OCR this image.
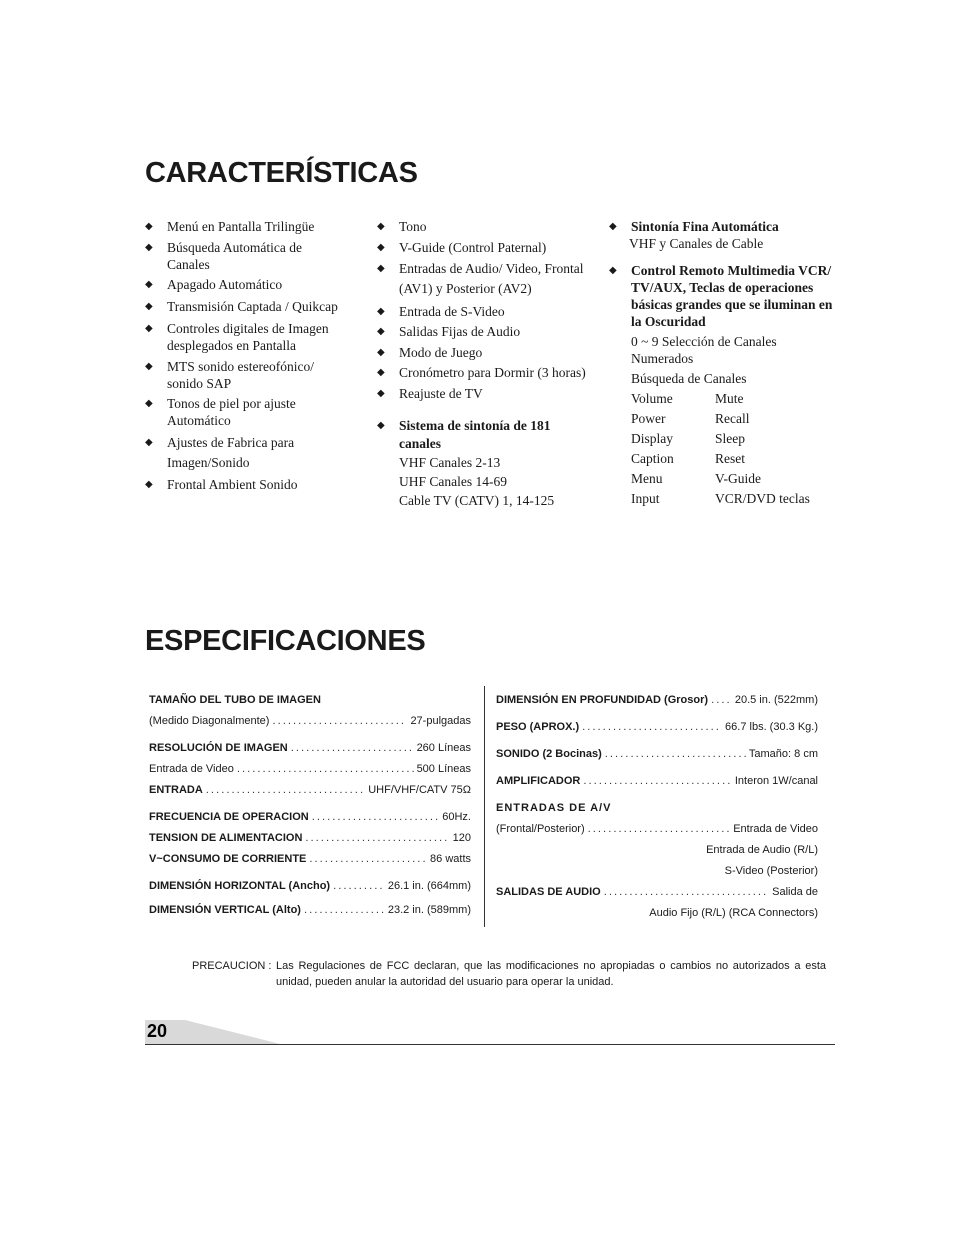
CARACTERÍSTICAS
◆ Menú en Pantalla Trilingüe
◆ Búsqueda Automática de Canales
◆ Apagado Automático
◆ Transmisión Captada / Quikcap
◆ Controles digitales de Imagen desplegados en Pantalla
◆ MTS sonido estereofónico/ sonido SAP
◆ Tonos de piel por ajuste Automático
◆ Ajustes de Fabrica para Imagen/Sonido
◆ Frontal Ambient Sonido
◆ Tono
◆ V-Guide (Control Paternal)
◆ Entradas de Audio/ Video, Frontal (AV1) y Posterior (AV2)
◆ Entrada de S-Video
◆ Salidas Fijas de Audio
◆ Modo de Juego
◆ Cronómetro para Dormir (3 horas)
◆ Reajuste de TV
◆ Sistema de sintonía de 181 canales
VHF Canales 2-13
UHF Canales 14-69
Cable TV (CATV) 1, 14-125
◆ Sintonía Fina Automática
VHF y Canales de Cable
◆ Control Remoto Multimedia VCR/ TV/AUX, Teclas de operaciones básicas grandes que se iluminan en la Oscuridad
0 ~ 9 Selección de Canales Numerados
Búsqueda de Canales
Volume	Mute
Power	Recall
Display	Sleep
Caption	Reset
Menu	V-Guide
Input	VCR/DVD teclas
ESPECIFICACIONES
TAMAÑO DEL TUBO DE IMAGEN
(Medido Diagonalmente) .....	27-pulgadas
RESOLUCIÓN DE IMAGEN .....	260 Líneas
Entrada de Video .....	500 Líneas
ENTRADA .....	UHF/VHF/CATV 75Ω
FRECUENCIA DE OPERACION .....	60Hz.
TENSION DE ALIMENTACION .....	120
V~CONSUMO DE CORRIENTE .....	86 watts
DIMENSIÓN HORIZONTAL (Ancho) .....	26.1 in. (664mm)
DIMENSIÓN VERTICAL (Alto) .....	23.2 in. (589mm)
DIMENSIÓN EN PROFUNDIDAD (Grosor) ..... 20.5 in. (522mm)
PESO (APROX.) .....	66.7 lbs. (30.3 Kg.)
SONIDO (2 Bocinas) .....	Tamaño: 8 cm
AMPLIFICADOR .....	Interon 1W/canal
ENTRADAS DE A/V
(Frontal/Posterior) .....	Entrada de Video
Entrada de Audio (R/L)
S-Video (Posterior)
SALIDAS DE AUDIO .....	Salida de
Audio Fijo (R/L) (RCA Connectors)
PRECAUCION : Las Regulaciones de FCC declaran, que las modificaciones no apropiadas o cambios no autorizados a esta unidad, pueden anular la autoridad del usuario para operar la unidad.
20
